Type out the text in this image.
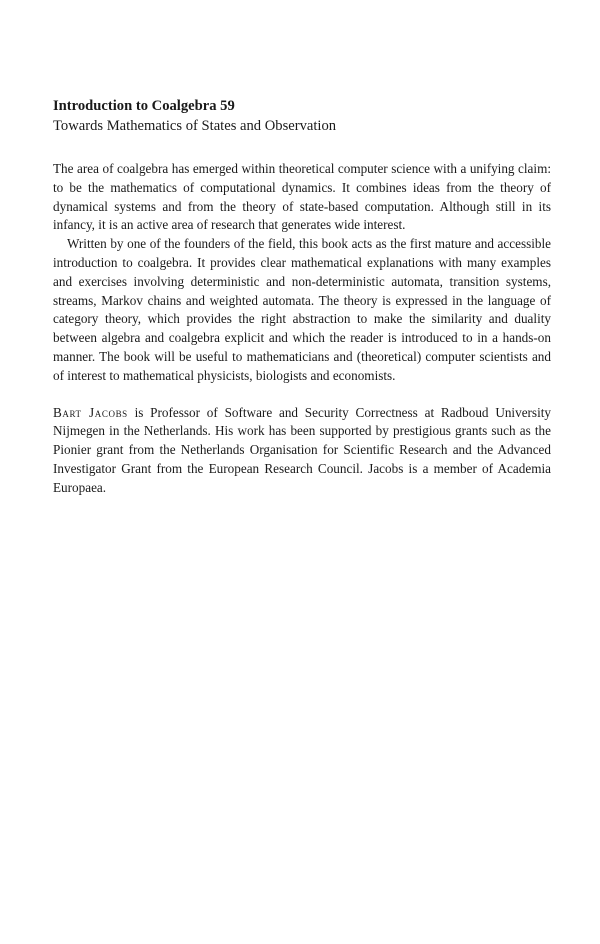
Introduction to Coalgebra 59
Towards Mathematics of States and Observation

The area of coalgebra has emerged within theoretical computer science with a unifying claim: to be the mathematics of computational dynamics. It combines ideas from the theory of dynamical systems and from the theory of state-based computation. Although still in its infancy, it is an active area of research that generates wide interest.

Written by one of the founders of the field, this book acts as the first mature and accessible introduction to coalgebra. It provides clear mathematical explanations with many examples and exercises involving deterministic and non-deterministic automata, transition systems, streams, Markov chains and weighted automata. The theory is expressed in the language of category theory, which provides the right abstraction to make the similarity and duality between algebra and coalgebra explicit and which the reader is introduced to in a hands-on manner. The book will be useful to mathematicians and (theoretical) computer scientists and of interest to mathematical physicists, biologists and economists.

Bart Jacobs is Professor of Software and Security Correctness at Radboud University Nijmegen in the Netherlands. His work has been supported by prestigious grants such as the Pionier grant from the Netherlands Organisation for Scientific Research and the Advanced Investigator Grant from the European Research Council. Jacobs is a member of Academia Europaea.
